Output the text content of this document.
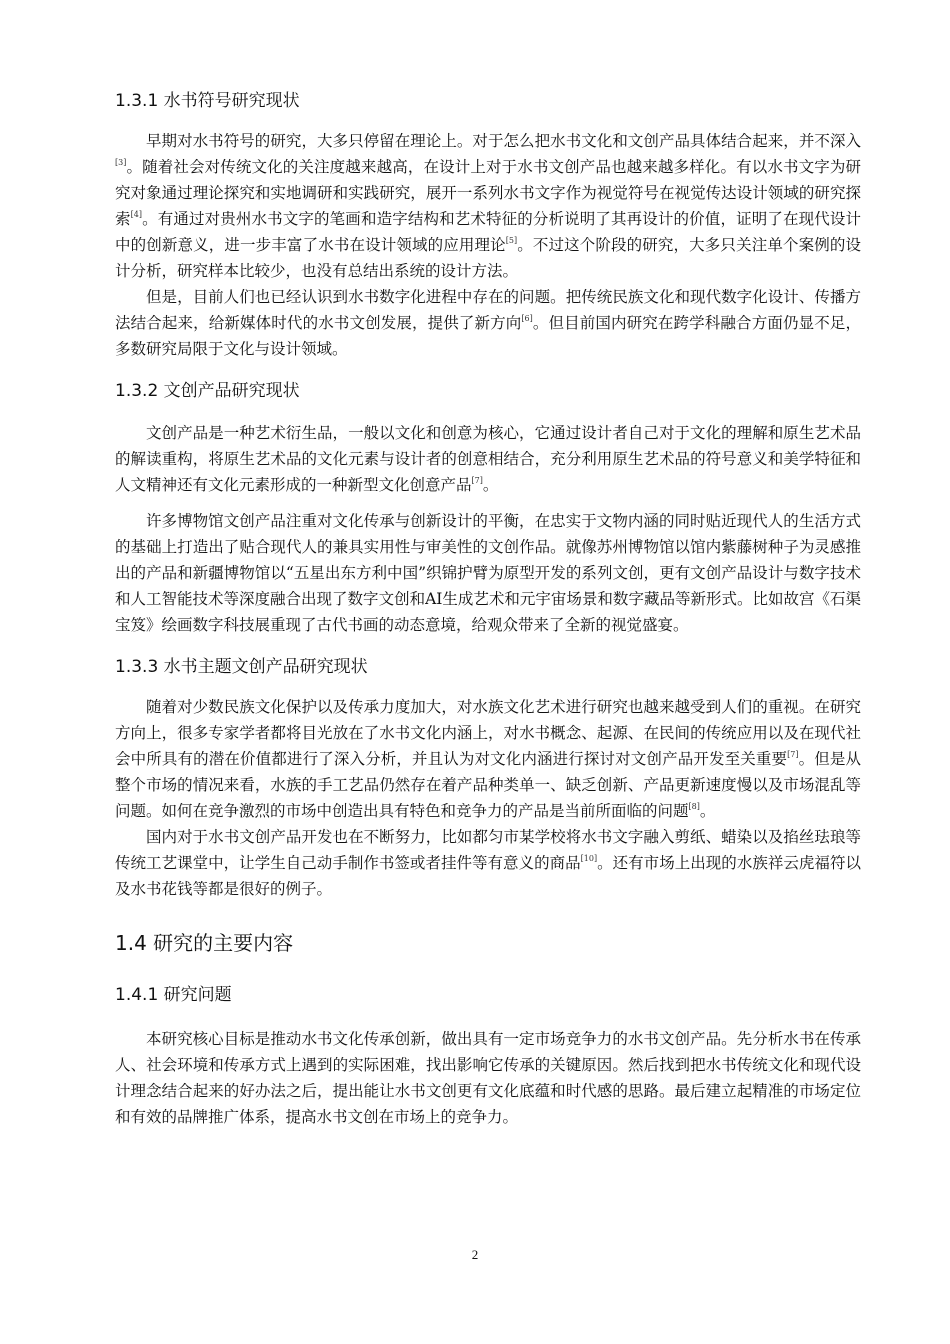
1.3.1 水书符号研究现状

早期对水书符号的研究，大多只停留在理论上。对于怎么把水书文化和文创产品具体结合起来，并不深入[3]。随着社会对传统文化的关注度越来越高，在设计上对于水书文创产品也越来越多样化。有以水书文字为研究对象通过理论探究和实地调研和实践研究，展开一系列水书文字作为视觉符号在视觉传达设计领域的研究探索[4]。有通过对贵州水书文字的笔画和造字结构和艺术特征的分析说明了其再设计的价值，证明了在现代设计中的创新意义，进一步丰富了水书在设计领域的应用理论[5]。不过这个阶段的研究，大多只关注单个案例的设计分析，研究样本比较少，也没有总结出系统的设计方法。

但是，目前人们也已经认识到水书数字化进程中存在的问题。把传统民族文化和现代数字化设计、传播方法结合起来，给新媒体时代的水书文创发展，提供了新方向[6]。但目前国内研究在跨学科融合方面仍显不足，多数研究局限于文化与设计领域。

1.3.2 文创产品研究现状

文创产品是一种艺术衍生品，一般以文化和创意为核心，它通过设计者自己对于文化的理解和原生艺术品的解读重构，将原生艺术品的文化元素与设计者的创意相结合，充分利用原生艺术品的符号意义和美学特征和人文精神还有文化元素形成的一种新型文化创意产品[7]。

许多博物馆文创产品注重对文化传承与创新设计的平衡，在忠实于文物内涵的同时贴近现代人的生活方式的基础上打造出了贴合现代人的兼具实用性与审美性的文创作品。就像苏州博物馆以馆内紫藤树种子为灵感推出的产品和新疆博物馆以“五星出东方利中国”织锦护臂为原型开发的系列文创，更有文创产品设计与数字技术和人工智能技术等深度融合出现了数字文创和AI生成艺术和元宇宙场景和数字藏品等新形式。比如故宫《石渠宝笈》绘画数字科技展重现了古代书画的动态意境，给观众带来了全新的视觉盛宴。

1.3.3 水书主题文创产品研究现状

随着对少数民族文化保护以及传承力度加大，对水族文化艺术进行研究也越来越受到人们的重视。在研究方向上，很多专家学者都将目光放在了水书文化内涵上，对水书概念、起源、在民间的传统应用以及在现代社会中所具有的潜在价值都进行了深入分析，并且认为对文化内涵进行探讨对文创产品开发至关重要[7]。但是从整个市场的情况来看，水族的手工艺品仍然存在着产品种类单一、缺乏创新、产品更新速度慢以及市场混乱等问题。如何在竞争激烈的市场中创造出具有特色和竞争力的产品是当前所面临的问题[8]。

国内对于水书文创产品开发也在不断努力，比如都匀市某学校将水书文字融入剪纸、蜡染以及掐丝珐琅等传统工艺课堂中，让学生自己动手制作书签或者挂件等有意义的商品[10]。还有市场上出现的水族祥云虎福符以及水书花钱等都是很好的例子。

1.4 研究的主要内容
1.4.1 研究问题

本研究核心目标是推动水书文化传承创新，做出具有一定市场竞争力的水书文创产品。先分析水书在传承人、社会环境和传承方式上遇到的实际困难，找出影响它传承的关键原因。然后找到把水书传统文化和现代设计理念结合起来的好办法之后，提出能让水书文创更有文化底蕴和时代感的思路。最后建立起精准的市场定位和有效的品牌推广体系，提高水书文创在市场上的竞争力。

2
